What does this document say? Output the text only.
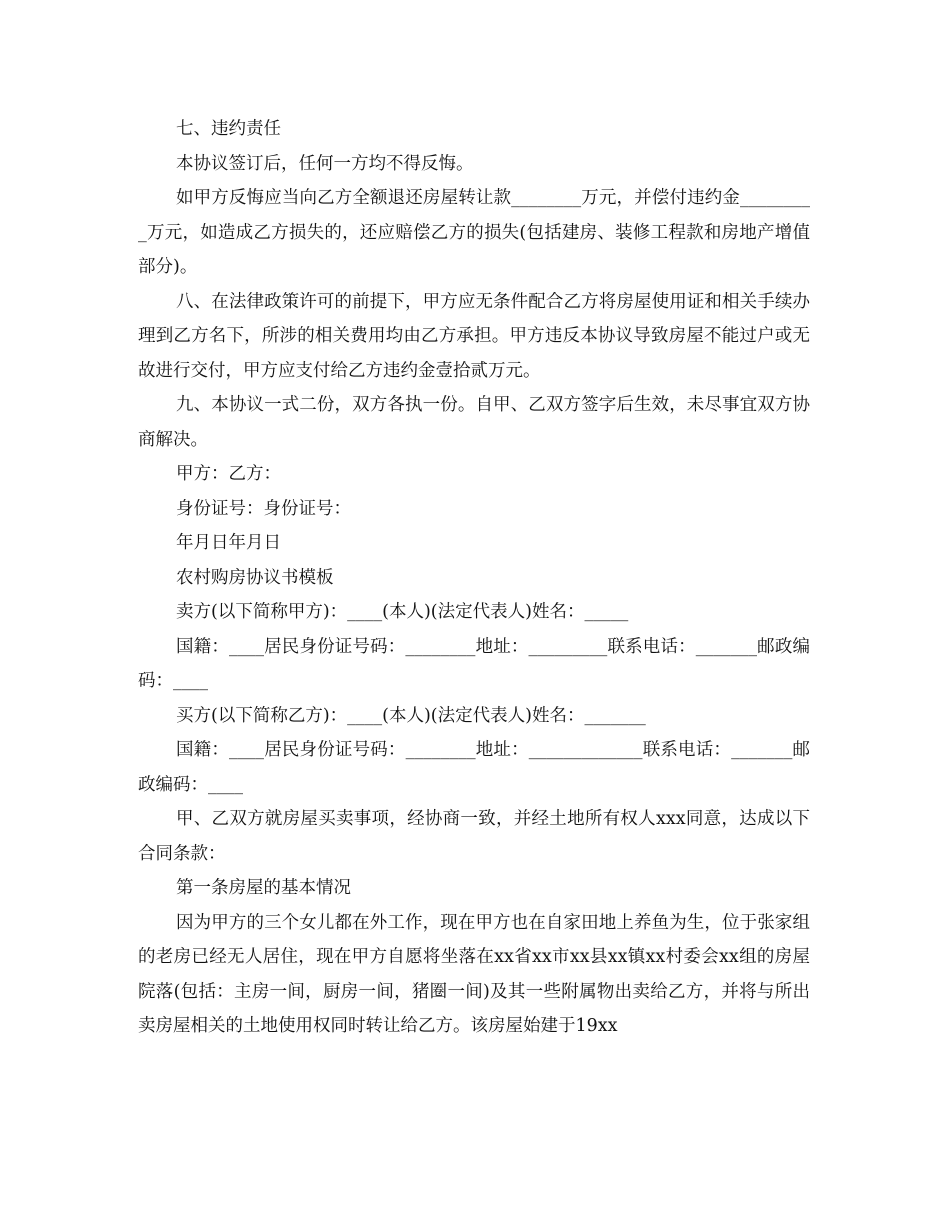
七、违约责任

本协议签订后，任何一方均不得反悔。

如甲方反悔应当向乙方全额退还房屋转让款________万元，并偿付违约金_________万元，如造成乙方损失的，还应赔偿乙方的损失(包括建房、装修工程款和房地产增值部分)。

八、在法律政策许可的前提下，甲方应无条件配合乙方将房屋使用证和相关手续办理到乙方名下，所涉的相关费用均由乙方承担。甲方违反本协议导致房屋不能过户或无故进行交付，甲方应支付给乙方违约金壹拾贰万元。

九、本协议一式二份，双方各执一份。自甲、乙双方签字后生效，未尽事宜双方协商解决。

甲方：乙方：

身份证号：身份证号：

年月日年月日

农村购房协议书模板

卖方(以下简称甲方)：____(本人)(法定代表人)姓名：_____

国籍：____居民身份证号码：________地址：_________联系电话：_______邮政编码：____

买方(以下简称乙方)：____(本人)(法定代表人)姓名：_______

国籍：____居民身份证号码：________地址：_____________联系电话：_______邮政编码：____

甲、乙双方就房屋买卖事项，经协商一致，并经土地所有权人xxx同意，达成以下合同条款：

第一条房屋的基本情况

因为甲方的三个女儿都在外工作，现在甲方也在自家田地上养鱼为生，位于张家组的老房已经无人居住，现在甲方自愿将坐落在xx省xx市xx县xx镇xx村委会xx组的房屋院落(包括：主房一间，厨房一间，猪圈一间)及其一些附属物出卖给乙方，并将与所出卖房屋相关的土地使用权同时转让给乙方。该房屋始建于19xx
